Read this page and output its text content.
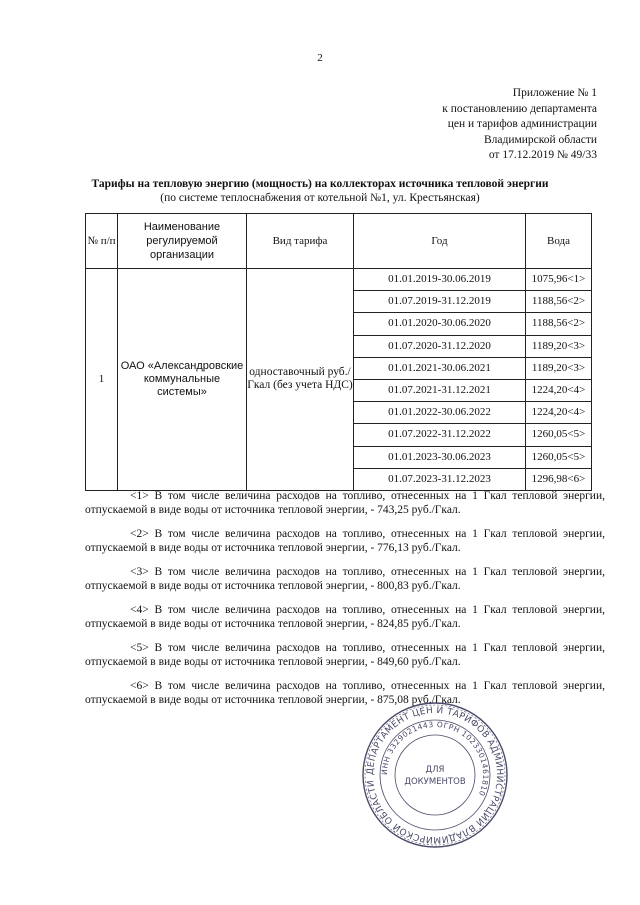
2
Приложение № 1
к постановлению департамента
цен и тарифов администрации
Владимирской области
от 17.12.2019 № 49/33
Тарифы на тепловую энергию (мощность) на коллекторах источника тепловой энергии
(по системе теплоснабжения от котельной №1, ул. Крестьянская)
№ п/п	Наименование регулируемой организации	Вид тарифа	Год	Вода
1	ОАО «Александровские коммунальные системы»	одноставочный руб./Гкал (без учета НДС)	01.01.2019-30.06.2019	1075,96<1>
			01.07.2019-31.12.2019	1188,56<2>
			01.01.2020-30.06.2020	1188,56<2>
			01.07.2020-31.12.2020	1189,20<3>
			01.01.2021-30.06.2021	1189,20<3>
			01.07.2021-31.12.2021	1224,20<4>
			01.01.2022-30.06.2022	1224,20<4>
			01.07.2022-31.12.2022	1260,05<5>
			01.01.2023-30.06.2023	1260,05<5>
			01.07.2023-31.12.2023	1296,98<6>
<1> В том числе величина расходов на топливо, отнесенных на 1 Гкал тепловой энергии, отпускаемой в виде воды от источника тепловой энергии, - 743,25 руб./Гкал.
<2> В том числе величина расходов на топливо, отнесенных на 1 Гкал тепловой энергии, отпускаемой в виде воды от источника тепловой энергии, - 776,13 руб./Гкал.
<3> В том числе величина расходов на топливо, отнесенных на 1 Гкал тепловой энергии, отпускаемой в виде воды от источника тепловой энергии, - 800,83 руб./Гкал.
<4> В том числе величина расходов на топливо, отнесенных на 1 Гкал тепловой энергии, отпускаемой в виде воды от источника тепловой энергии, - 824,85 руб./Гкал.
<5> В том числе величина расходов на топливо, отнесенных на 1 Гкал тепловой энергии, отпускаемой в виде воды от источника тепловой энергии, - 849,60 руб./Гкал.
<6> В том числе величина расходов на топливо, отнесенных на 1 Гкал тепловой энергии, отпускаемой в виде воды от источника тепловой энергии, - 875,08 руб./Гкал.
ДЕПАРТАМЕНТ ЦЕН И ТАРИФОВ АДМИНИСТРАЦИИ ВЛАДИМИРСКОЙ ОБЛАСТИ
ИНН 3329021443 ОГРН 1023301461810
ДЛЯ
ДОКУМЕНТОВ
